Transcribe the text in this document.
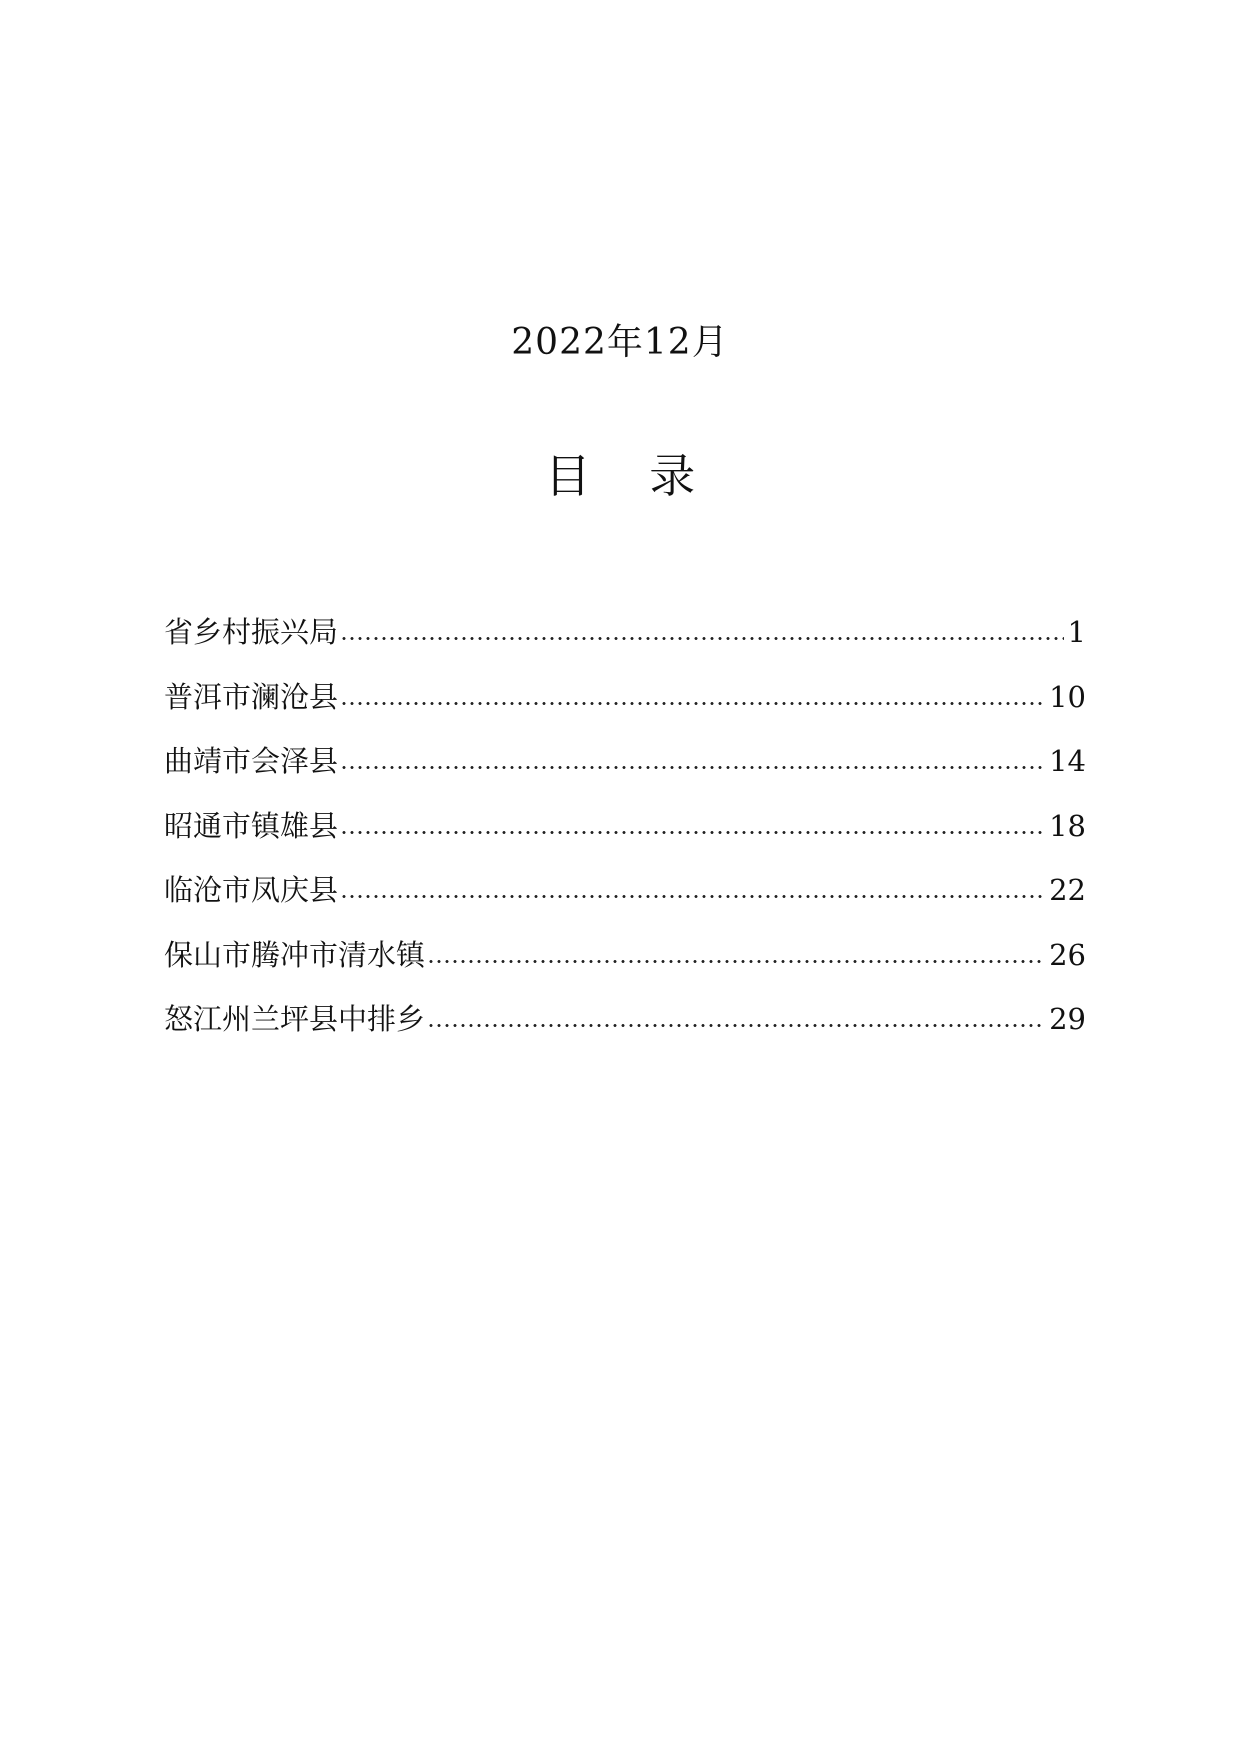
2022年12月
目 录
省乡村振兴局	1
普洱市澜沧县	10
曲靖市会泽县	14
昭通市镇雄县	18
临沧市凤庆县	22
保山市腾冲市清水镇	26
怒江州兰坪县中排乡	29
